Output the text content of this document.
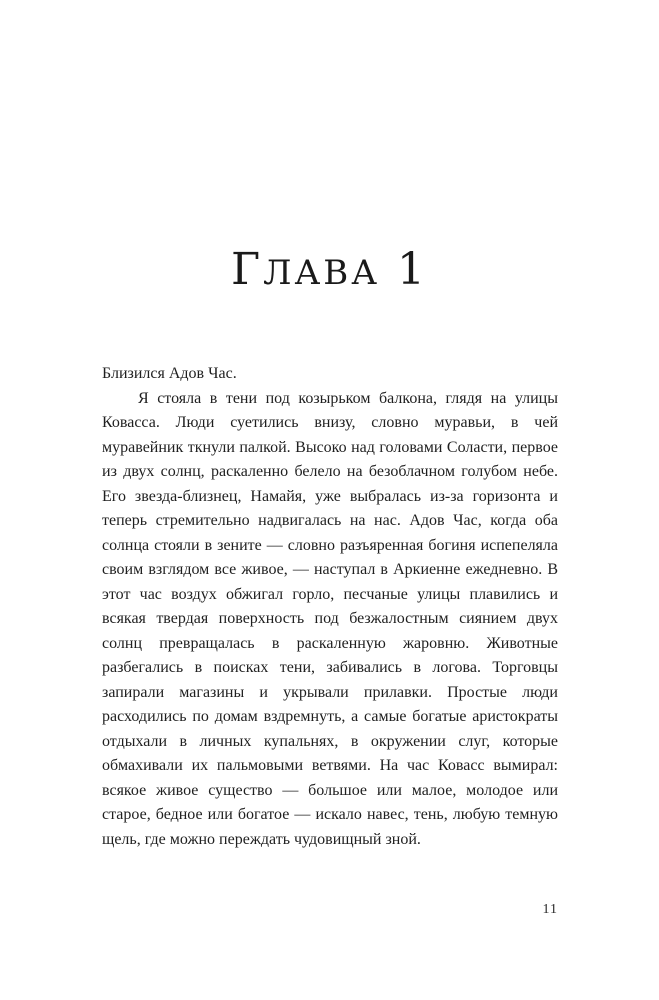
ГЛАВА 1

Близился Адов Час.

Я стояла в тени под козырьком балкона, глядя на улицы Ковасса. Люди суетились внизу, словно муравьи, в чей муравейник ткнули палкой. Высоко над головами Соласти, первое из двух солнц, раскаленно белело на безоблачном голубом небе. Его звезда-близнец, Намайя, уже выбралась из-за горизонта и теперь стремительно надвигалась на нас. Адов Час, когда оба солнца стояли в зените — словно разъяренная богиня испепеляла своим взглядом все живое, — наступал в Аркиенне ежедневно. В этот час воздух обжигал горло, песчаные улицы плавились и всякая твердая поверхность под безжалостным сиянием двух солнц превращалась в раскаленную жаровню. Животные разбегались в поисках тени, забивались в логова. Торговцы запирали магазины и укрывали прилавки. Простые люди расходились по домам вздремнуть, а самые богатые аристократы отдыхали в личных купальнях, в окружении слуг, которые обмахивали их пальмовыми ветвями. На час Ковасс вымирал: всякое живое существо — большое или малое, молодое или старое, бедное или богатое — искало навес, тень, любую темную щель, где можно переждать чудовищный зной.

11
